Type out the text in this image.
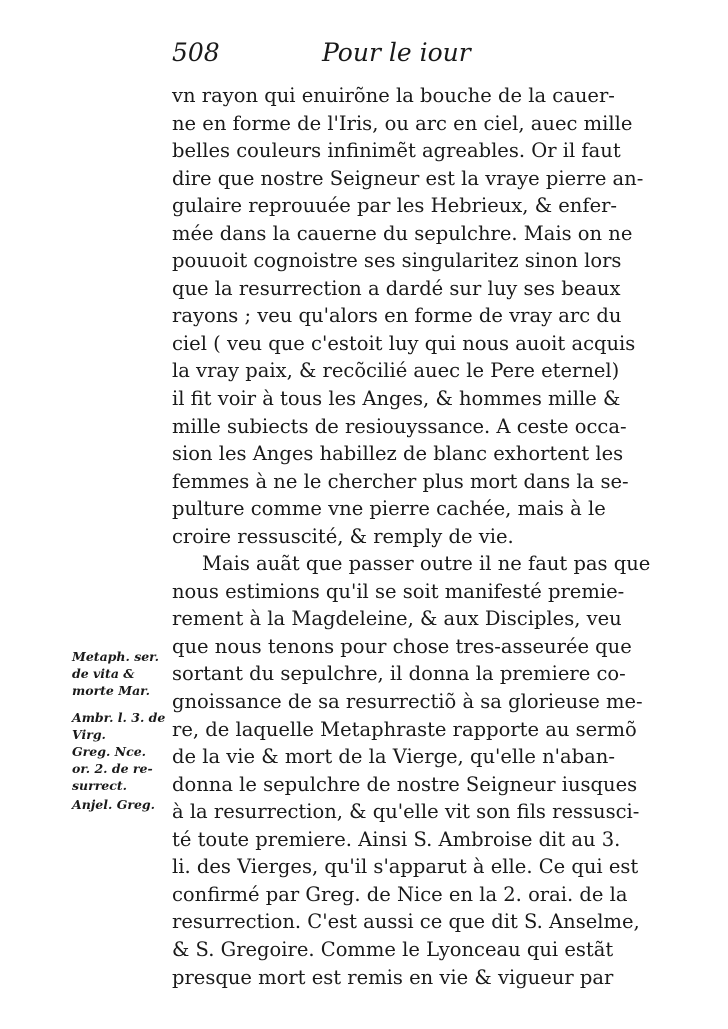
508	Pour le iour
vn rayon qui enuirõne la bouche de la cauer-
ne en forme de l'Iris, ou arc en ciel, auec mille
belles couleurs infinimẽt agreables. Or il faut
dire que nostre Seigneur est la vraye pierre an-
gulaire reprouuée par les Hebrieux, & enfer-
mée dans la cauerne du sepulchre. Mais on ne
pouuoit cognoistre ses singularitez sinon lors
que la resurrection a dardé sur luy ses beaux
rayons ; veu qu'alors en forme de vray arc du
ciel ( veu que c'estoit luy qui nous auoit acquis
la vray paix, & recõcilié auec le Pere eternel)
il fit voir à tous les Anges, & hommes mille &
mille subiects de resiouyssance. A ceste occa-
sion les Anges habillez de blanc exhortent les
femmes à ne le chercher plus mort dans la se-
pulture comme vne pierre cachée, mais à le
croire ressuscité, & remply de vie.
Mais auãt que passer outre il ne faut pas que
nous estimions qu'il se soit manifesté premie-
rement à la Magdeleine, & aux Disciples, veu
que nous tenons pour chose tres-asseurée que
sortant du sepulchre, il donna la premiere co-
gnoissance de sa resurrectiõ à sa glorieuse me-
re, de laquelle Metaphraste rapporte au sermõ
de la vie & mort de la Vierge, qu'elle n'aban-
donna le sepulchre de nostre Seigneur iusques
à la resurrection, & qu'elle vit son fils ressusci-
té toute premiere. Ainsi S. Ambroise dit au 3.
li. des Vierges, qu'il s'apparut à elle. Ce qui est
confirmé par Greg. de Nice en la 2. orai. de la
resurrection. C'est aussi ce que dit S. Anselme,
& S. Gregoire. Comme le Lyonceau qui estãt
presque mort est remis en vie & vigueur par
Metaph. ser.
de vita &
morte Mar.
Ambr. l. 3. de
Virg.
Greg. Nce.
or. 2. de re-
surrect.
Anjel. Greg.
